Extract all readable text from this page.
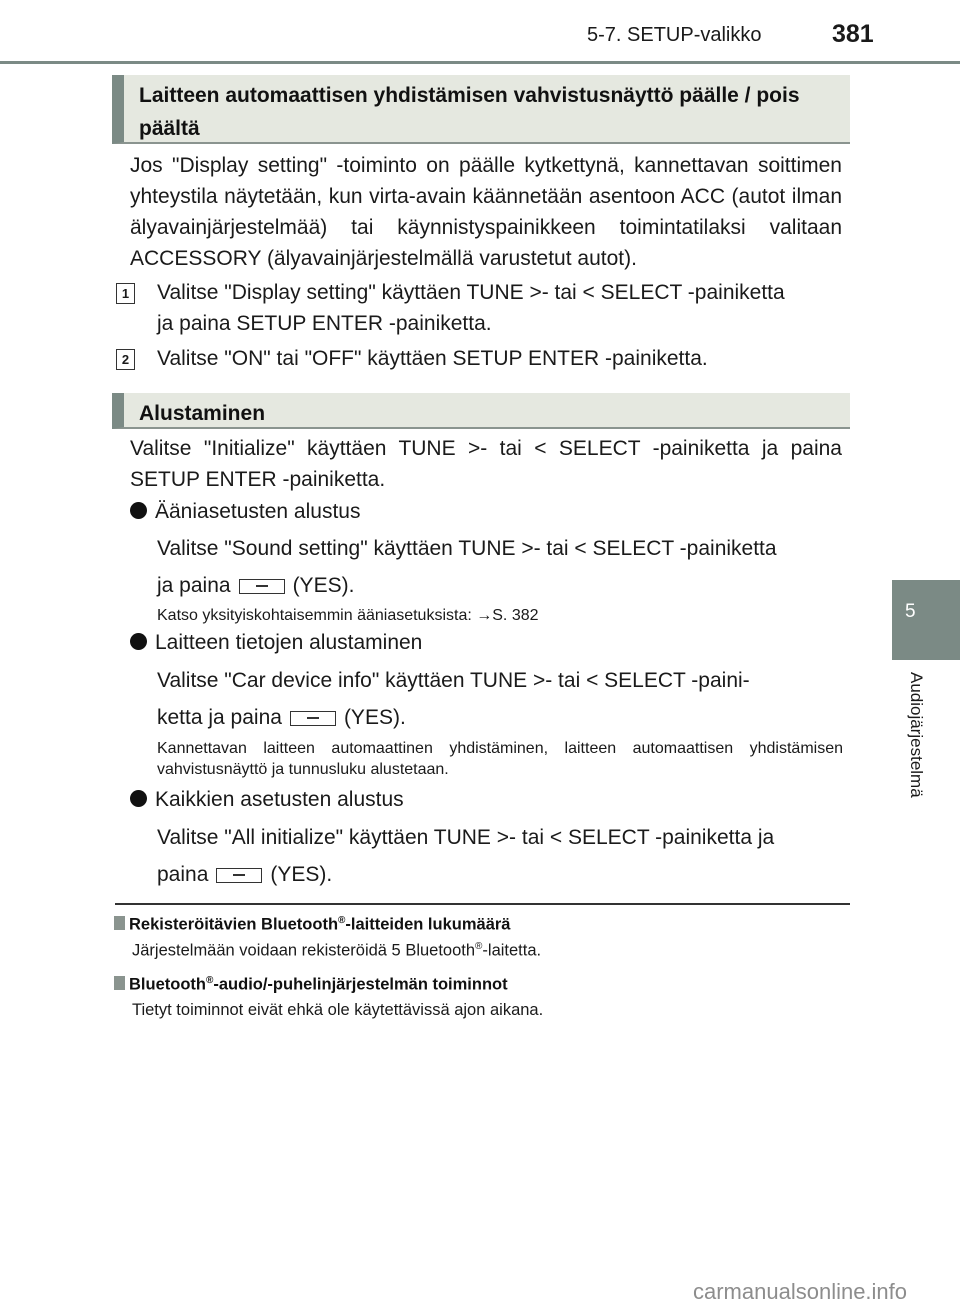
5-7. SETUP-valikko	381
5
Audiojärjestelmä
Laitteen automaattisen yhdistämisen vahvistusnäyttö päälle / pois päältä
Jos "Display setting" -toiminto on päälle kytkettynä, kannettavan soittimen yhteystila näytetään, kun virta-avain käännetään asentoon ACC (autot ilman älyavainjärjestelmää) tai käynnistyspainikkeen toimintatilaksi valitaan ACCESSORY (älyavainjärjestelmällä varustetut autot).
1 Valitse "Display setting" käyttäen TUNE >- tai < SELECT -painiketta
ja paina SETUP ENTER -painiketta.
2 Valitse "ON" tai "OFF" käyttäen SETUP ENTER -painiketta.
Alustaminen
Valitse "Initialize" käyttäen TUNE >- tai < SELECT -painiketta ja paina SETUP ENTER -painiketta.
Ääniasetusten alustus
Valitse "Sound setting" käyttäen TUNE >- tai < SELECT -painiketta
ja paina	(YES).
Katso yksityiskohtaisemmin ääniasetuksista: →S. 382
Laitteen tietojen alustaminen
Valitse "Car device info" käyttäen TUNE >- tai < SELECT -paini-
ketta ja paina	(YES).
Kannettavan laitteen automaattinen yhdistäminen, laitteen automaattisen yhdistämisen vahvistusnäyttö ja tunnusluku alustetaan.
Kaikkien asetusten alustus
Valitse "All initialize" käyttäen TUNE >- tai < SELECT -painiketta ja
paina	(YES).
Rekisteröitävien Bluetooth®-laitteiden lukumäärä
Järjestelmään voidaan rekisteröidä 5 Bluetooth®-laitetta.
Bluetooth®-audio/-puhelinjärjestelmän toiminnot
Tietyt toiminnot eivät ehkä ole käytettävissä ajon aikana.
carmanualsonline.info
